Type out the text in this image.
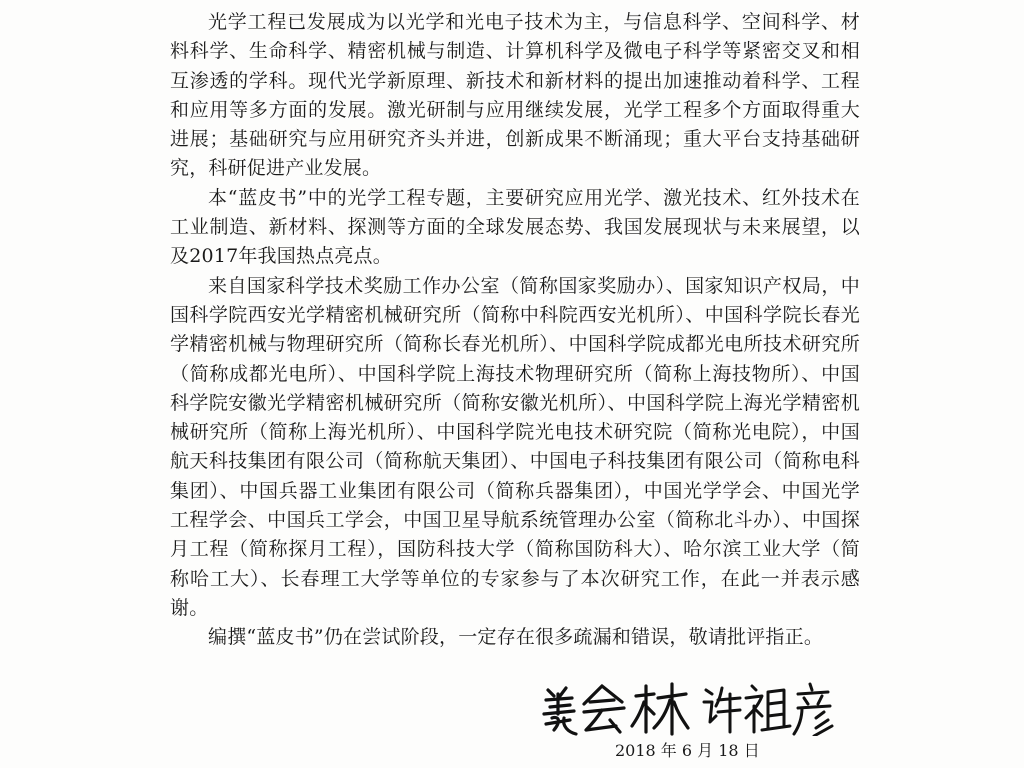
光学工程已发展成为以光学和光电子技术为主，与信息科学、空间科学、材料科学、生命科学、精密机械与制造、计算机科学及微电子科学等紧密交叉和相互渗透的学科。现代光学新原理、新技术和新材料的提出加速推动着科学、工程和应用等多方面的发展。激光研制与应用继续发展，光学工程多个方面取得重大进展；基础研究与应用研究齐头并进，创新成果不断涌现；重大平台支持基础研究，科研促进产业发展。

本“蓝皮书”中的光学工程专题，主要研究应用光学、激光技术、红外技术在工业制造、新材料、探测等方面的全球发展态势、我国发展现状与未来展望，以及2017年我国热点亮点。

来自国家科学技术奖励工作办公室（简称国家奖励办）、国家知识产权局，中国科学院西安光学精密机械研究所（简称中科院西安光机所）、中国科学院长春光学精密机械与物理研究所（简称长春光机所）、中国科学院成都光电所技术研究所（简称成都光电所）、中国科学院上海技术物理研究所（简称上海技物所）、中国科学院安徽光学精密机械研究所（简称安徽光机所）、中国科学院上海光学精密机械研究所（简称上海光机所）、中国科学院光电技术研究院（简称光电院），中国航天科技集团有限公司（简称航天集团）、中国电子科技集团有限公司（简称电科集团）、中国兵器工业集团有限公司（简称兵器集团），中国光学学会、中国光学工程学会、中国兵工学会，中国卫星导航系统管理办公室（简称北斗办）、中国探月工程（简称探月工程），国防科技大学（简称国防科大）、哈尔滨工业大学（简称哈工大）、长春理工大学等单位的专家参与了本次研究工作，在此一并表示感谢。

编撰“蓝皮书”仍在尝试阶段，一定存在很多疏漏和错误，敬请批评指正。

2018 年 6 月 18 日
